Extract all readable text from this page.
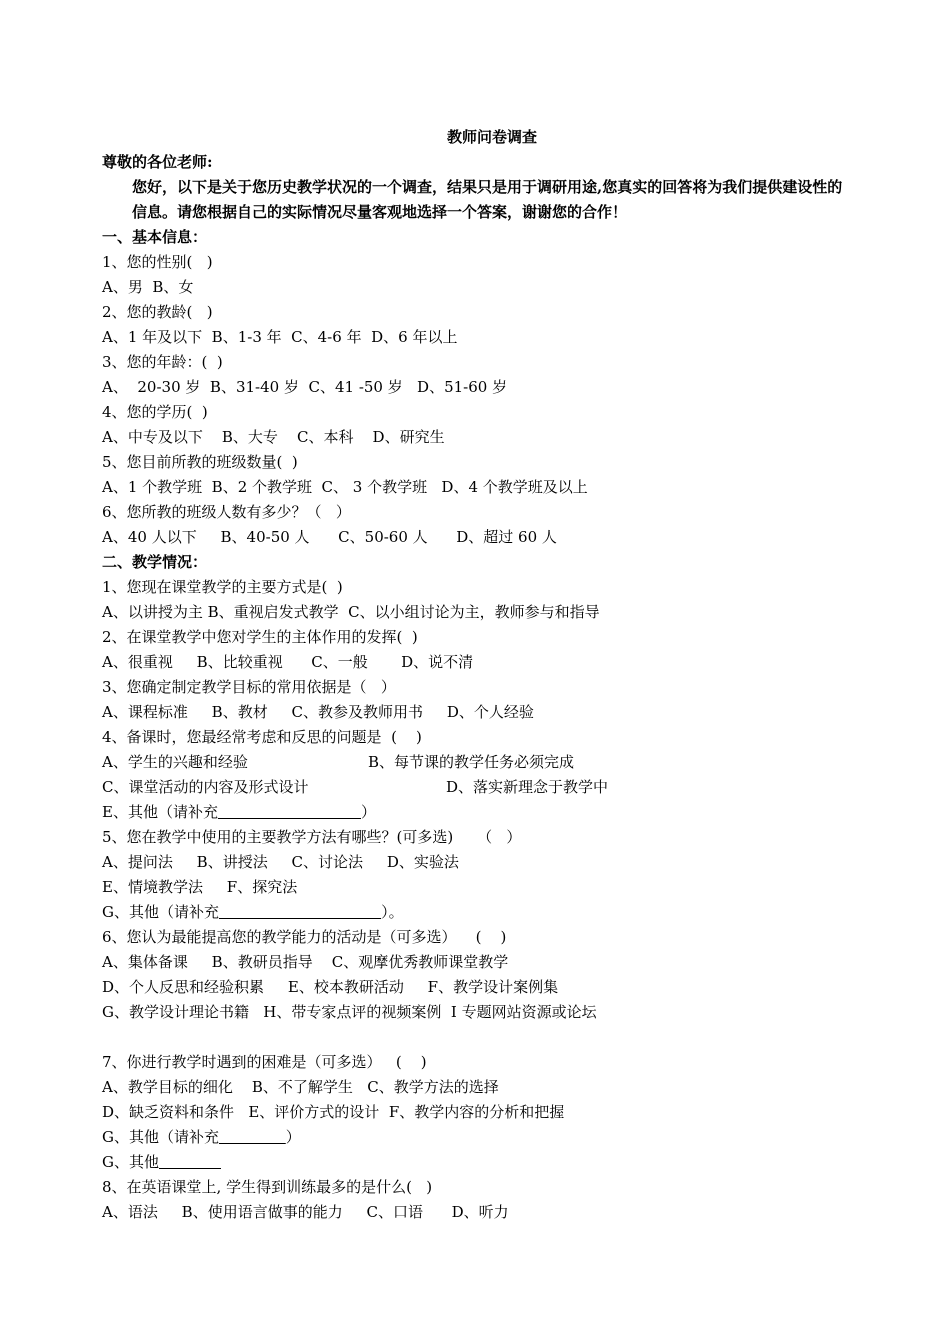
教师问卷调查
尊敬的各位老师:
您好，以下是关于您历史教学状况的一个调查，结果只是用于调研用途,您真实的回答将为我们提供建设性的信息。请您根据自己的实际情况尽量客观地选择一个答案，谢谢您的合作！
一、基本信息：
1、您的性别(   )
A、男  B、女
2、您的教龄(   )
A、1 年及以下  B、1-3 年  C、4-6 年  D、6 年以上
3、您的年龄：(  )
A、  20-30 岁  B、31-40 岁  C、41 -50 岁   D、51-60 岁
4、您的学历(  )
A、中专及以下    B、大专    C、本科    D、研究生
5、您目前所教的班级数量(  )
A、1 个教学班  B、2 个教学班  C、 3 个教学班   D、4 个教学班及以上
6、您所教的班级人数有多少？（   ）
A、40 人以下     B、40-50 人      C、50-60 人      D、超过 60 人
二、教学情况：
1、您现在课堂教学的主要方式是(  )
A、以讲授为主 B、重视启发式教学  C、以小组讨论为主，教师参与和指导
2、在课堂教学中您对学生的主体作用的发挥(  )
A、很重视     B、比较重视      C、一般       D、说不清
3、您确定制定教学目标的常用依据是（   ）
A、课程标准     B、教材     C、教参及教师用书     D、个人经验
4、备课时，您最经常考虑和反思的问题是  (    )

A、学生的兴趣和经验

	B、每节课的教学任务必须完成

C、课堂活动的内容及形式设计

	D、落实新理念于教学中

E、其他（请补充	）
5、您在教学中使用的主要教学方法有哪些？(可多选)     （   ）
A、提问法     B、讲授法     C、讨论法     D、实验法
E、情境教学法     F、探究法
G、其他（请补充	）。
6、您认为最能提高您的教学能力的活动是（可多选）    (    )
A、集体备课     B、教研员指导    C、观摩优秀教师课堂教学
D、个人反思和经验积累     E、校本教研活动     F、教学设计案例集
G、教学设计理论书籍   H、带专家点评的视频案例  I 专题网站资源或论坛
7、你进行教学时遇到的困难是（可多选）   (    )
A、教学目标的细化    B、不了解学生   C、教学方法的选择
D、缺乏资料和条件   E、评价方式的设计  F、教学内容的分析和把握
G、其他（请补充	）
G、其他
8、在英语课堂上, 学生得到训练最多的是什么(   )
A、语法     B、使用语言做事的能力     C、口语      D、听力
